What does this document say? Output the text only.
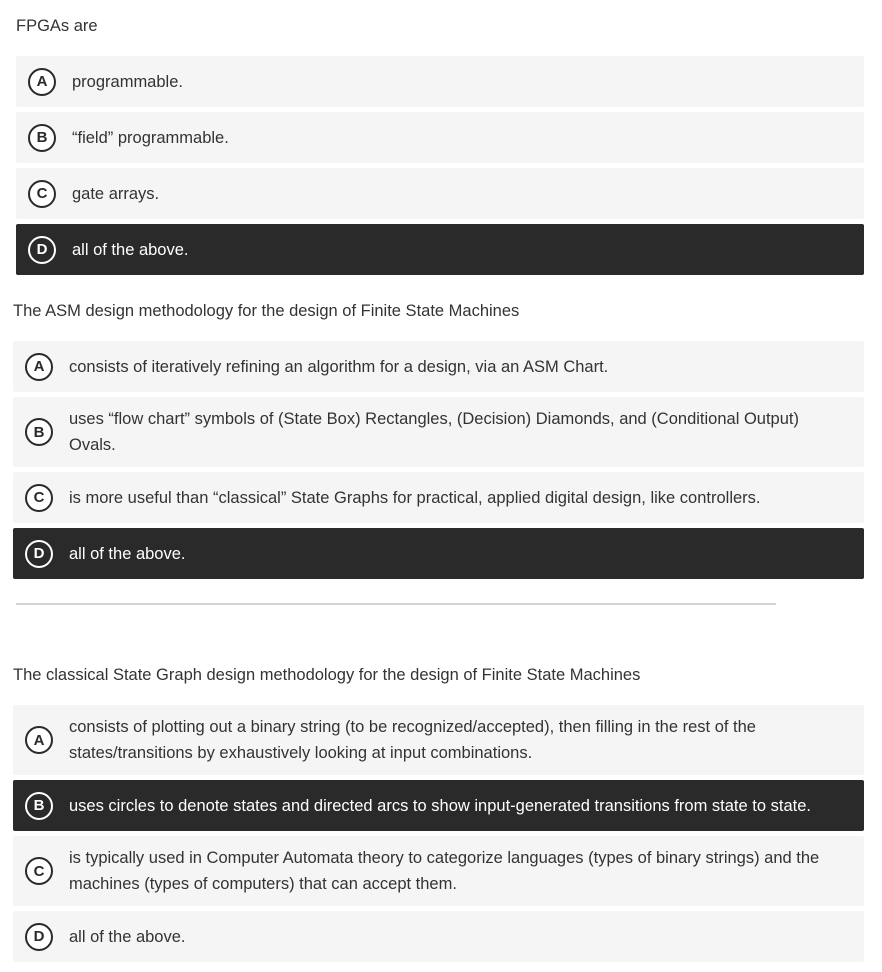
FPGAs are
A	programmable.
B	“field” programmable.
C	gate arrays.
D	all of the above.
The ASM design methodology for the design of Finite State Machines
A	consists of iteratively refining an algorithm for a design, via an ASM Chart.
B
uses “flow chart” symbols of (State Box) Rectangles, (Decision) Diamonds, and (Conditional Output) Ovals.
C	is more useful than “classical” State Graphs for practical, applied digital design, like controllers.
D	all of the above.
The classical State Graph design methodology for the design of Finite State Machines
A
consists of plotting out a binary string (to be recognized/accepted), then filling in the rest of the states/transitions by exhaustively looking at input combinations.
B	uses circles to denote states and directed arcs to show input-generated transitions from state to state.
C
is typically used in Computer Automata theory to categorize languages (types of binary strings) and the machines (types of computers) that can accept them.
D	all of the above.
